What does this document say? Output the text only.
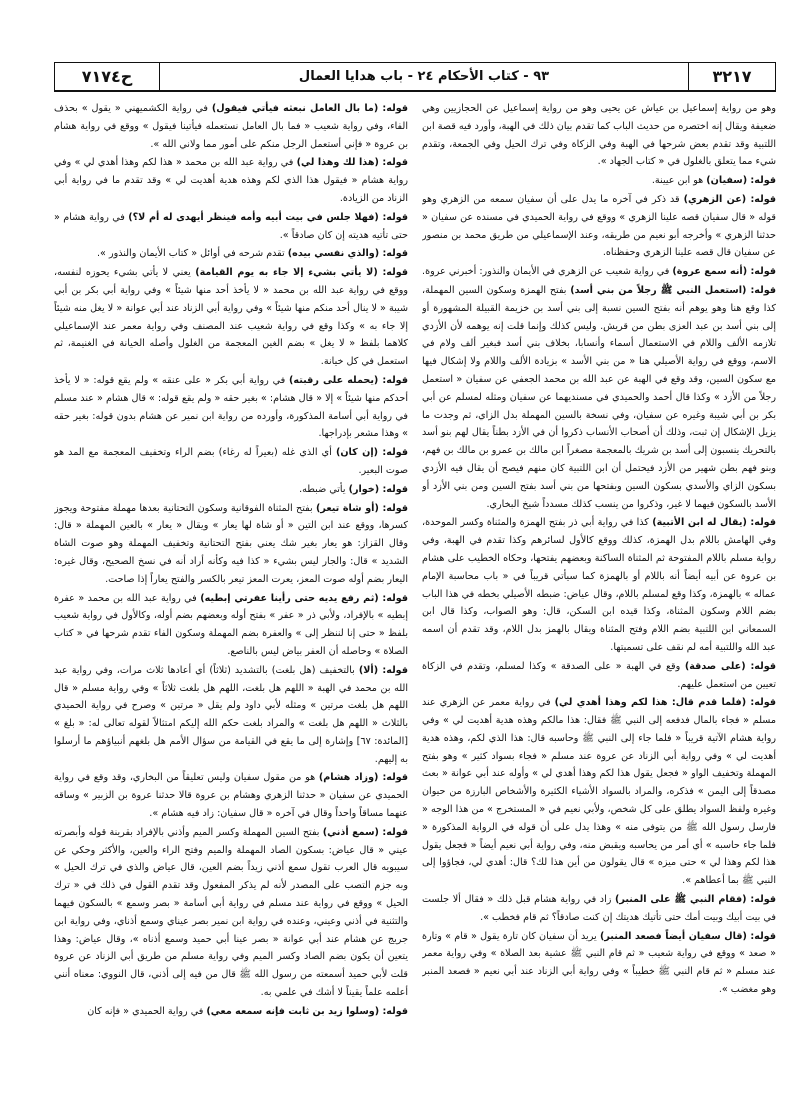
٣٢١٧
٩٣ - كتاب الأحكام ٢٤ - باب هدايا العمال
ح٧١٧٤

وهو من رواية إسماعيل بن عياش عن يحيى وهو من رواية إسماعيل عن الحجازيين وهي ضعيفة ويقال إنه اختصره من حديث الباب كما تقدم بيان ذلك في الهبة، وأورد فيه قصة ابن اللتبية وقد تقدم بعض شرحها في الهبة وفي الزكاة وفي ترك الحيل وفي الجمعة، وتقدم شيء مما يتعلق بالغلول في « كتاب الجهاد ».

قوله: (سفيان) هو ابن عيينة.

قوله: (عن الزهري) قد ذكر في آخره ما يدل على أن سفيان سمعه من الزهري وهو قوله « قال سفيان قصه علينا الزهري » ووقع في رواية الحميدي في مسنده عن سفيان « حدثنا الزهري » وأخرجه أبو نعيم من طريقه، وعند الإسماعيلي من طريق محمد بن منصور عن سفيان قال قصه علينا الزهري وحفظناه.

قوله: (أنه سمع عروة) في رواية شعيب عن الزهري في الأيمان والنذور: أخبرني عروة.

قوله: (استعمل النبي ﷺ رجلاً من بني أسد) بفتح الهمزة وسكون السين المهملة، كذا وقع هنا وهو يوهم أنه بفتح السين نسبة إلى بني أسد بن خزيمة القبيلة المشهورة أو إلى بني أسد بن عبد العزى بطن من قريش. وليس كذلك وإنما قلت إنه يوهمه لأن الأزدي تلازمه الألف واللام في الاستعمال أسماء وأنسابا، بخلاف بني أسد فبغير ألف ولام في الاسم، ووقع في رواية الأصيلي هنا « من بني الأسد » بزيادة الألف واللام ولا إشكال فيها مع سكون السين، وقد وقع في الهبة عن عبد الله بن محمد الجعفي عن سفيان « استعمل رجلاً من الأزد » وكذا قال أحمد والحميدي في مسنديهما عن سفيان ومثله لمسلم عن أبي بكر بن أبي شيبة وغيره عن سفيان، وفي نسخة بالسين المهملة بدل الزاي، ثم وجدت ما يزيل الإشكال إن ثبت، وذلك أن أصحاب الأنساب ذكروا أن في الأزد بطناً يقال لهم بنو أسد بالتحريك ينسبون إلى أسد بن شريك بالمعجمة مصغراً ابن مالك بن عمرو بن مالك بن فهم، وبنو فهم بطن شهير من الأزد فيحتمل أن ابن اللتبية كان منهم فيصح أن يقال فيه الأزدي بسكون الزاي والأسدي بسكون السين وبفتحها من بني أسد بفتح السين ومن بني الأزد أو الأسد بالسكون فيهما لا غير، وذكروا من ينسب كذلك مسدداً شيخ البخاري.

قوله: (يقال له ابن الأتبية) كذا في رواية أبي ذر بفتح الهمزة والمثناة وكسر الموحدة، وفي الهامش باللام بدل الهمزة، كذلك ووقع كالأول لسائرهم وكذا تقدم في الهبة، وفي رواية مسلم باللام المفتوحة ثم المثناة الساكنة وبعضهم يفتحها، وحكاه الخطيب على هشام بن عروة عن أبيه أيضاً أنه باللام أو بالهمزة كما سيأتي قريباً في « باب محاسبة الإمام عماله » بالهمزة، وكذا وقع لمسلم باللام، وقال عياض: ضبطه الأصيلي بخطه في هذا الباب بضم اللام وسكون المثناة، وكذا قيده ابن السكن، قال: وهو الصواب، وكذا قال ابن السمعاني ابن اللتبية بضم اللام وفتح المثناة ويقال بالهمز بدل اللام، وقد تقدم أن اسمه عبد الله واللتبية أمه لم نقف على تسميتها.

قوله: (على صدقة) وقع في الهبة « على الصدقة » وكذا لمسلم، وتقدم في الزكاة تعيين من استعمل عليهم.

قوله: (فلما قدم قال: هذا لكم وهذا أهدي لي) في رواية معمر عن الزهري عند مسلم « فجاء بالمال فدفعه إلى النبي ﷺ فقال: هذا مالكم وهذه هدية أهديت لي » وفي رواية هشام الآتية قريباً « فلما جاء إلى النبي ﷺ وحاسبه قال: هذا الذي لكم، وهذه هدية أهديت لي » وفي رواية أبي الزناد عن عروة عند مسلم « فجاء بسواد كثير » وهو بفتح المهملة وتخفيف الواو « فجعل يقول هذا لكم وهذا أهدي لي » وأوله عند أبي عوانة « بعث مصدقاً إلى اليمن » فذكره، والمراد بالسواد الأشياء الكثيرة والأشخاص البارزة من حيوان وغيره ولفظ السواد يطلق على كل شخص، ولأبي نعيم في « المستخرج » من هذا الوجه « فارسل رسول الله ﷺ من يتوفى منه » وهذا يدل على أن قوله في الرواية المذكورة « فلما جاء حاسبه » أي أمر من يحاسبه ويقبض منه، وفي رواية أبي نعيم أيضاً « فجعل يقول هذا لكم وهذا لي » حتى ميزه » قال يقولون من أين هذا لك؟ قال: أهدي لي، فجاؤوا إلى النبي ﷺ بما أعطاهم ».

قوله: (فقام النبي ﷺ على المنبر) زاد في رواية هشام قبل ذلك « فقال ألا جلست في بيت أبيك وبيت أمك حتى تأتيك هديتك إن كنت صادقاً؟ ثم قام فخطب ».

قوله: (قال سفيان أيضاً فصعد المنبر) يريد أن سفيان كان تارة يقول « قام » وتارة « صعد » ووقع في رواية شعيب « ثم قام النبي ﷺ عشية بعد الصلاة » وفي رواية معمر عند مسلم « ثم قام النبي ﷺ خطيباً » وفي رواية أبي الزناد عند أبي نعيم « فصعد المنبر وهو مغضب ».

قوله: (ما بال العامل نبعثه فيأتي فيقول) في رواية الكشميهني « يقول » بحذف الفاء، وفي رواية شعيب « فما بال العامل نستعمله فيأتينا فيقول » ووقع في رواية هشام بن عروة « فإني أستعمل الرجل منكم على أمور مما ولاني الله ».

قوله: (هذا لك وهذا لي) في رواية عبد الله بن محمد « هذا لكم وهذا أهدي لي » وفي رواية هشام « فيقول هذا الذي لكم وهذه هدية أهديت لي » وقد تقدم ما في رواية أبي الزناد من الزيادة.

قوله: (فهلا جلس في بيت أبيه وأمه فينظر أيهدى له أم لا؟) في رواية هشام « حتى تأتيه هديته إن كان صادقاً ».

قوله: (والذي نفسي بيده) تقدم شرحه في أوائل « كتاب الأيمان والنذور ».

قوله: (لا يأتي بشيء إلا جاء به يوم القيامة) يعني لا يأتي بشيء يحوزه لنفسه، ووقع في رواية عبد الله بن محمد « لا يأخذ أحد منها شيئاً » وفي رواية أبي بكر بن أبي شيبة « لا ينال أحد منكم منها شيئاً » وفي رواية أبي الزناد عند أبي عوانة « لا يغل منه شيئاً إلا جاء به » وكذا وقع في رواية شعيب عند المصنف وفي رواية معمر عند الإسماعيلي كلاهما بلفظ « لا يغل » بضم الغين المعجمة من الغلول وأصله الخيانة في الغنيمة، ثم استعمل في كل خيانة.

قوله: (يحمله على رقبته) في رواية أبي بكر « على عنقه » ولم يقع قوله: « لا يأخذ أحدكم منها شيئاً » إلا « قال هشام: » بغير حقه « ولم يقع قوله: » قال هشام « عند مسلم في رواية أبي أسامة المذكورة، وأورده من رواية ابن نمير عن هشام بدون قوله: بغير حقه » وهذا مشعر بإدراجها.

قوله: (إن كان) أي الذي غله (بعيراً له رغاء) بضم الراء وتخفيف المعجمة مع المد هو صوت البعير.

قوله: (خوار) يأتي ضبطه.

قوله: (أو شاة تيعر) بفتح المثناة الفوقانية وسكون التحتانية بعدها مهملة مفتوحة ويجوز كسرها، ووقع عند ابن التين « أو شاة لها يعار » ويقال « يعار » بالعين المهملة « قال: وقال القزاز: هو يعار بغير شك يعني بفتح التحتانية وتخفيف المهملة وهو صوت الشاة الشديد » قال: والجار ليس بشيء « كذا فيه وكأنه أراد أنه في نسخ الصحيح، وقال غيره: اليعار بضم أوله صوت المعز، يعرت المعز تيعر بالكسر والفتح يعاراً إذا صاحت.

قوله: (ثم رفع يديه حتى رأينا عفرتي إبطيه) في رواية عبد الله بن محمد « عفرة إبطيه » بالإفراد، ولأبي ذر « عفر » بفتح أوله وبعضهم بضم أوله، وكالأول في رواية شعيب بلفظ « حتى إنا لننظر إلى » والعفرة بضم المهملة وسكون الفاء تقدم شرحها في « كتاب الصلاة » وحاصله أن العفر بياض ليس بالناصع.

قوله: (ألا) بالتخفيف (هل بلغت) بالتشديد (ثلاثاً) أي أعادها ثلاث مرات، وفي رواية عبد الله بن محمد في الهبة « اللهم هل بلغت، اللهم هل بلغت ثلاثاً » وفي رواية مسلم « قال اللهم هل بلغت مرتين » ومثله لأبي داود ولم يقل « مرتين » وصرح في رواية الحميدي بالثلاث « اللهم هل بلغت » والمراد بلغت حكم الله إليكم امتثالاً لقوله تعالى له: « بلغ » [المائدة: ٦٧] وإشارة إلى ما يقع في القيامة من سؤال الأمم هل بلغهم أنبياؤهم ما أرسلوا به إليهم.

قوله: (وزاد هشام) هو من مقول سفيان وليس تعليقاً من البخاري، وقد وقع في رواية الحميدي عن سفيان « حدثنا الزهري وهشام بن عروة قالا حدثنا عروة بن الزبير » وساقه عنهما مساقاً واحداً وقال في آخره « قال سفيان: زاد فيه هشام ».

قوله: (سمع أذني) بفتح السين المهملة وكسر الميم وأذني بالإفراد بقرينة قوله وأبصرته عيني « قال عياض: بسكون الصاد المهملة والميم وفتح الراء والعين، والأكثر وحكي عن سيبويه قال العرب تقول سمع أذني زيداً بضم العين، قال عياض والذي في ترك الحيل » وبه جزم التصب على المصدر لأنه لم يذكر المفعول وقد تقدم القول في ذلك في « ترك الحيل » ووقع في رواية عند مسلم في رواية أبي أسامة « بصر وسمع » بالسكون فيهما والتثنية في أذني وعيني، وعنده في رواية ابن نمير بصر عيناي وسمع أذناي، وفي رواية ابن جريج عن هشام عند أبي عوانة « بصر عينا أبي حميد وسمع أذناه »، وقال عياض: وهذا يتعين أن يكون بضم الصاد وكسر الميم وفي رواية مسلم من طريق أبي الزناد عن عروة قلت لأبي حميد أسمعته من رسول الله ﷺ قال من فيه إلى أذني، قال النووي: معناه أنني أعلمه علماً يقيناً لا أشك في علمي به.

قوله: (وسلوا زيد بن ثابت فإنه سمعه معي) في رواية الحميدي « فإنه كان
